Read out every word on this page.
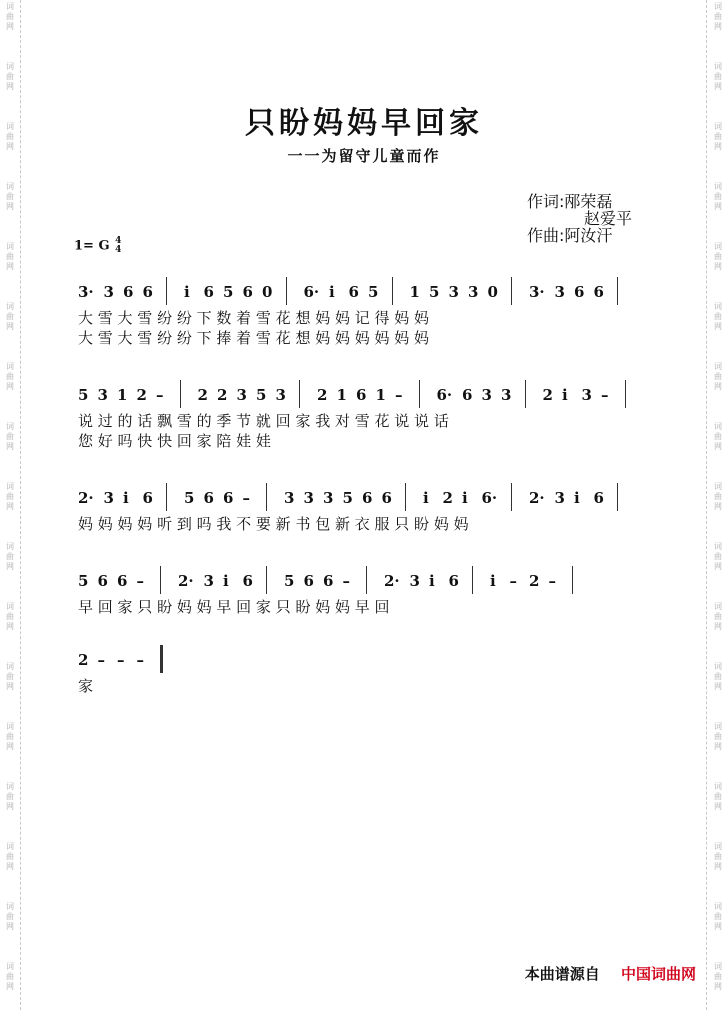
词
曲
网
词
曲
网
词
曲
网
词
曲
网
词
曲
网
词
曲
网
词
曲
网
词
曲
网
词
曲
网
词
曲
网
词
曲
网
词
曲
网
词
曲
网
词
曲
网
词
曲
网
词
曲
网
词
曲
网
词
曲
网
词
曲
网
词
曲
网
词
曲
网
词
曲
网
词
曲
网
词
曲
网
词
曲
网
词
曲
网
词
曲
网
词
曲
网
词
曲
网
词
曲
网
词
曲
网
词
曲
网
词
曲
网
词
曲
网
只盼妈妈早回家
一一为留守儿童而作
作词:邴荣磊
赵爱平
作曲:阿汝汗
1= G 4
4
3· 3 6 6 i 6 5 6 0 6· i 6 5 1 5 3 3 0 3· 3 6 6
大 雪 大 雪 纷 纷 下 数 着 雪 花 想 妈 妈 记 得 妈 妈
大 雪 大 雪 纷 纷 下 捧 着 雪 花 想 妈 妈 妈 妈 妈 妈
5 3 1 2 – 2 2 3 5 3 2 1 6 1 – 6· 6 3 3 2 i 3 –
说 过 的 话 飘 雪 的 季 节 就 回 家 我 对 雪 花 说 说 话
您 好 吗 快 快 回 家 陪 娃 娃
2· 3 i 6 5 6 6 – 3 3 3 5 6 6 i 2 i 6· 2· 3 i 6
妈 妈 妈 妈 听 到 吗 我 不 要 新 书 包 新 衣 服 只 盼 妈 妈
5 6 6 – 2· 3 i 6 5 6 6 – 2· 3 i 6 i – 2 –
早 回 家 只 盼 妈 妈 早 回 家 只 盼 妈 妈 早 回
2 – – –
家
本曲谱源自 中国词曲网
